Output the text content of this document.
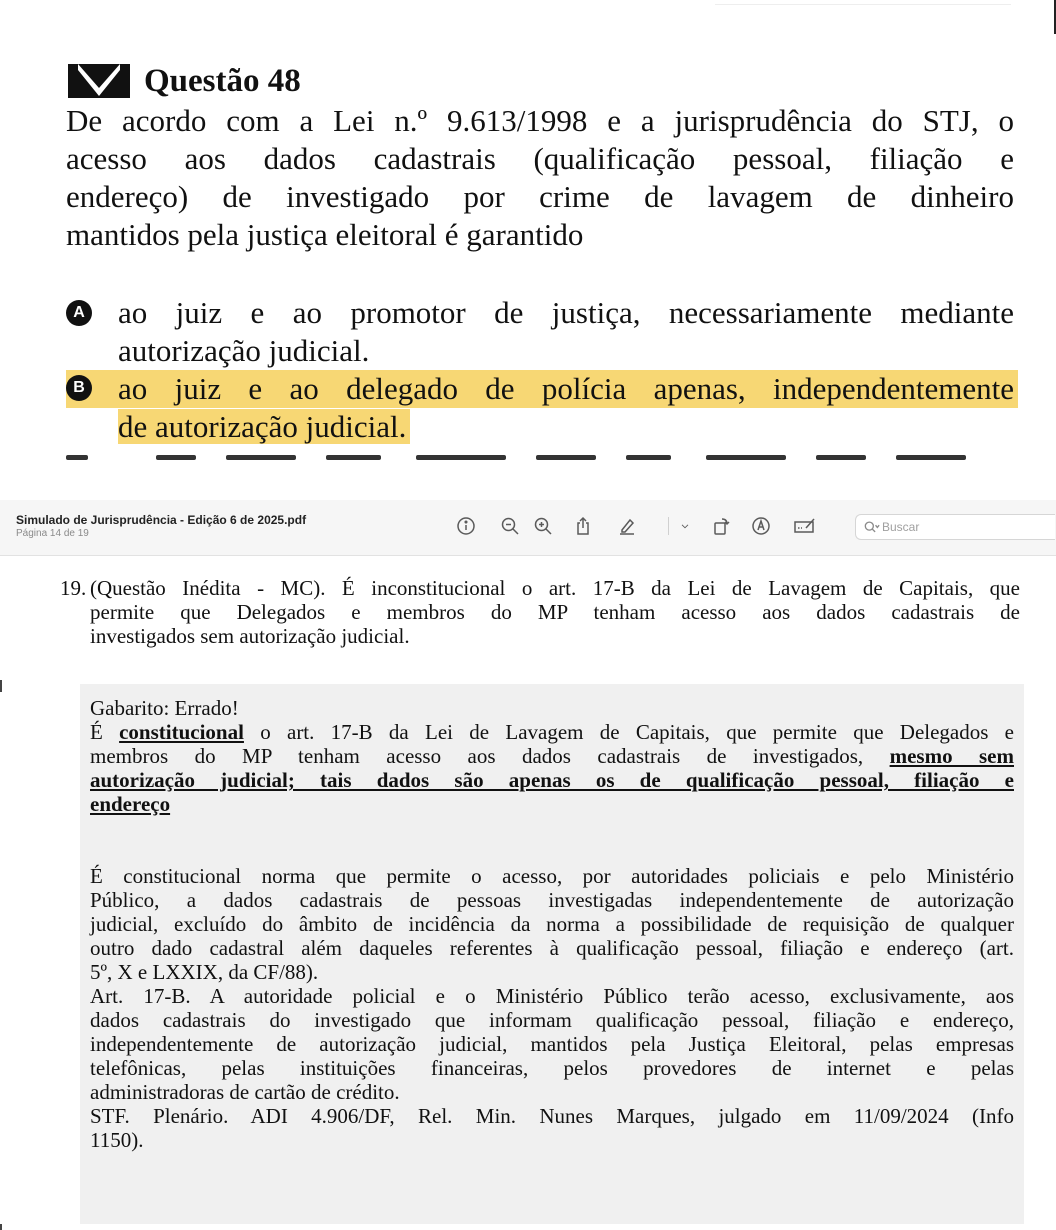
Questão 48
De acordo com a Lei n.º 9.613/1998 e a jurisprudência do STJ, o
acesso aos dados cadastrais (qualificação pessoal, filiação e
endereço) de investigado por crime de lavagem de dinheiro
mantidos pela justiça eleitoral é garantido
A ao juiz e ao promotor de justiça, necessariamente mediante
autorização judicial.
ao juiz e ao delegado de polícia apenas, independentemente
de autorização judicial.
B
Simulado de Jurisprudência - Edição 6 de 2025.pdf
Página 14 de 19
Buscar
19. (Questão Inédita - MC). É inconstitucional o art. 17-B da Lei de Lavagem de Capitais, que
permite que Delegados e membros do MP tenham acesso aos dados cadastrais de
investigados sem autorização judicial.
Gabarito: Errado!
É constitucional o art. 17-B da Lei de Lavagem de Capitais, que permite que Delegados e
membros do MP tenham acesso aos dados cadastrais de investigados, mesmo sem
autorização judicial; tais dados são apenas os de qualificação pessoal, filiação e
endereço
É constitucional norma que permite o acesso, por autoridades policiais e pelo Ministério
Público, a dados cadastrais de pessoas investigadas independentemente de autorização
judicial, excluído do âmbito de incidência da norma a possibilidade de requisição de qualquer
outro dado cadastral além daqueles referentes à qualificação pessoal, filiação e endereço (art.
5º, X e LXXIX, da CF/88).
Art. 17-B. A autoridade policial e o Ministério Público terão acesso, exclusivamente, aos
dados cadastrais do investigado que informam qualificação pessoal, filiação e endereço,
independentemente de autorização judicial, mantidos pela Justiça Eleitoral, pelas empresas
telefônicas, pelas instituições financeiras, pelos provedores de internet e pelas
administradoras de cartão de crédito.
STF. Plenário. ADI 4.906/DF, Rel. Min. Nunes Marques, julgado em 11/09/2024 (Info
1150).
